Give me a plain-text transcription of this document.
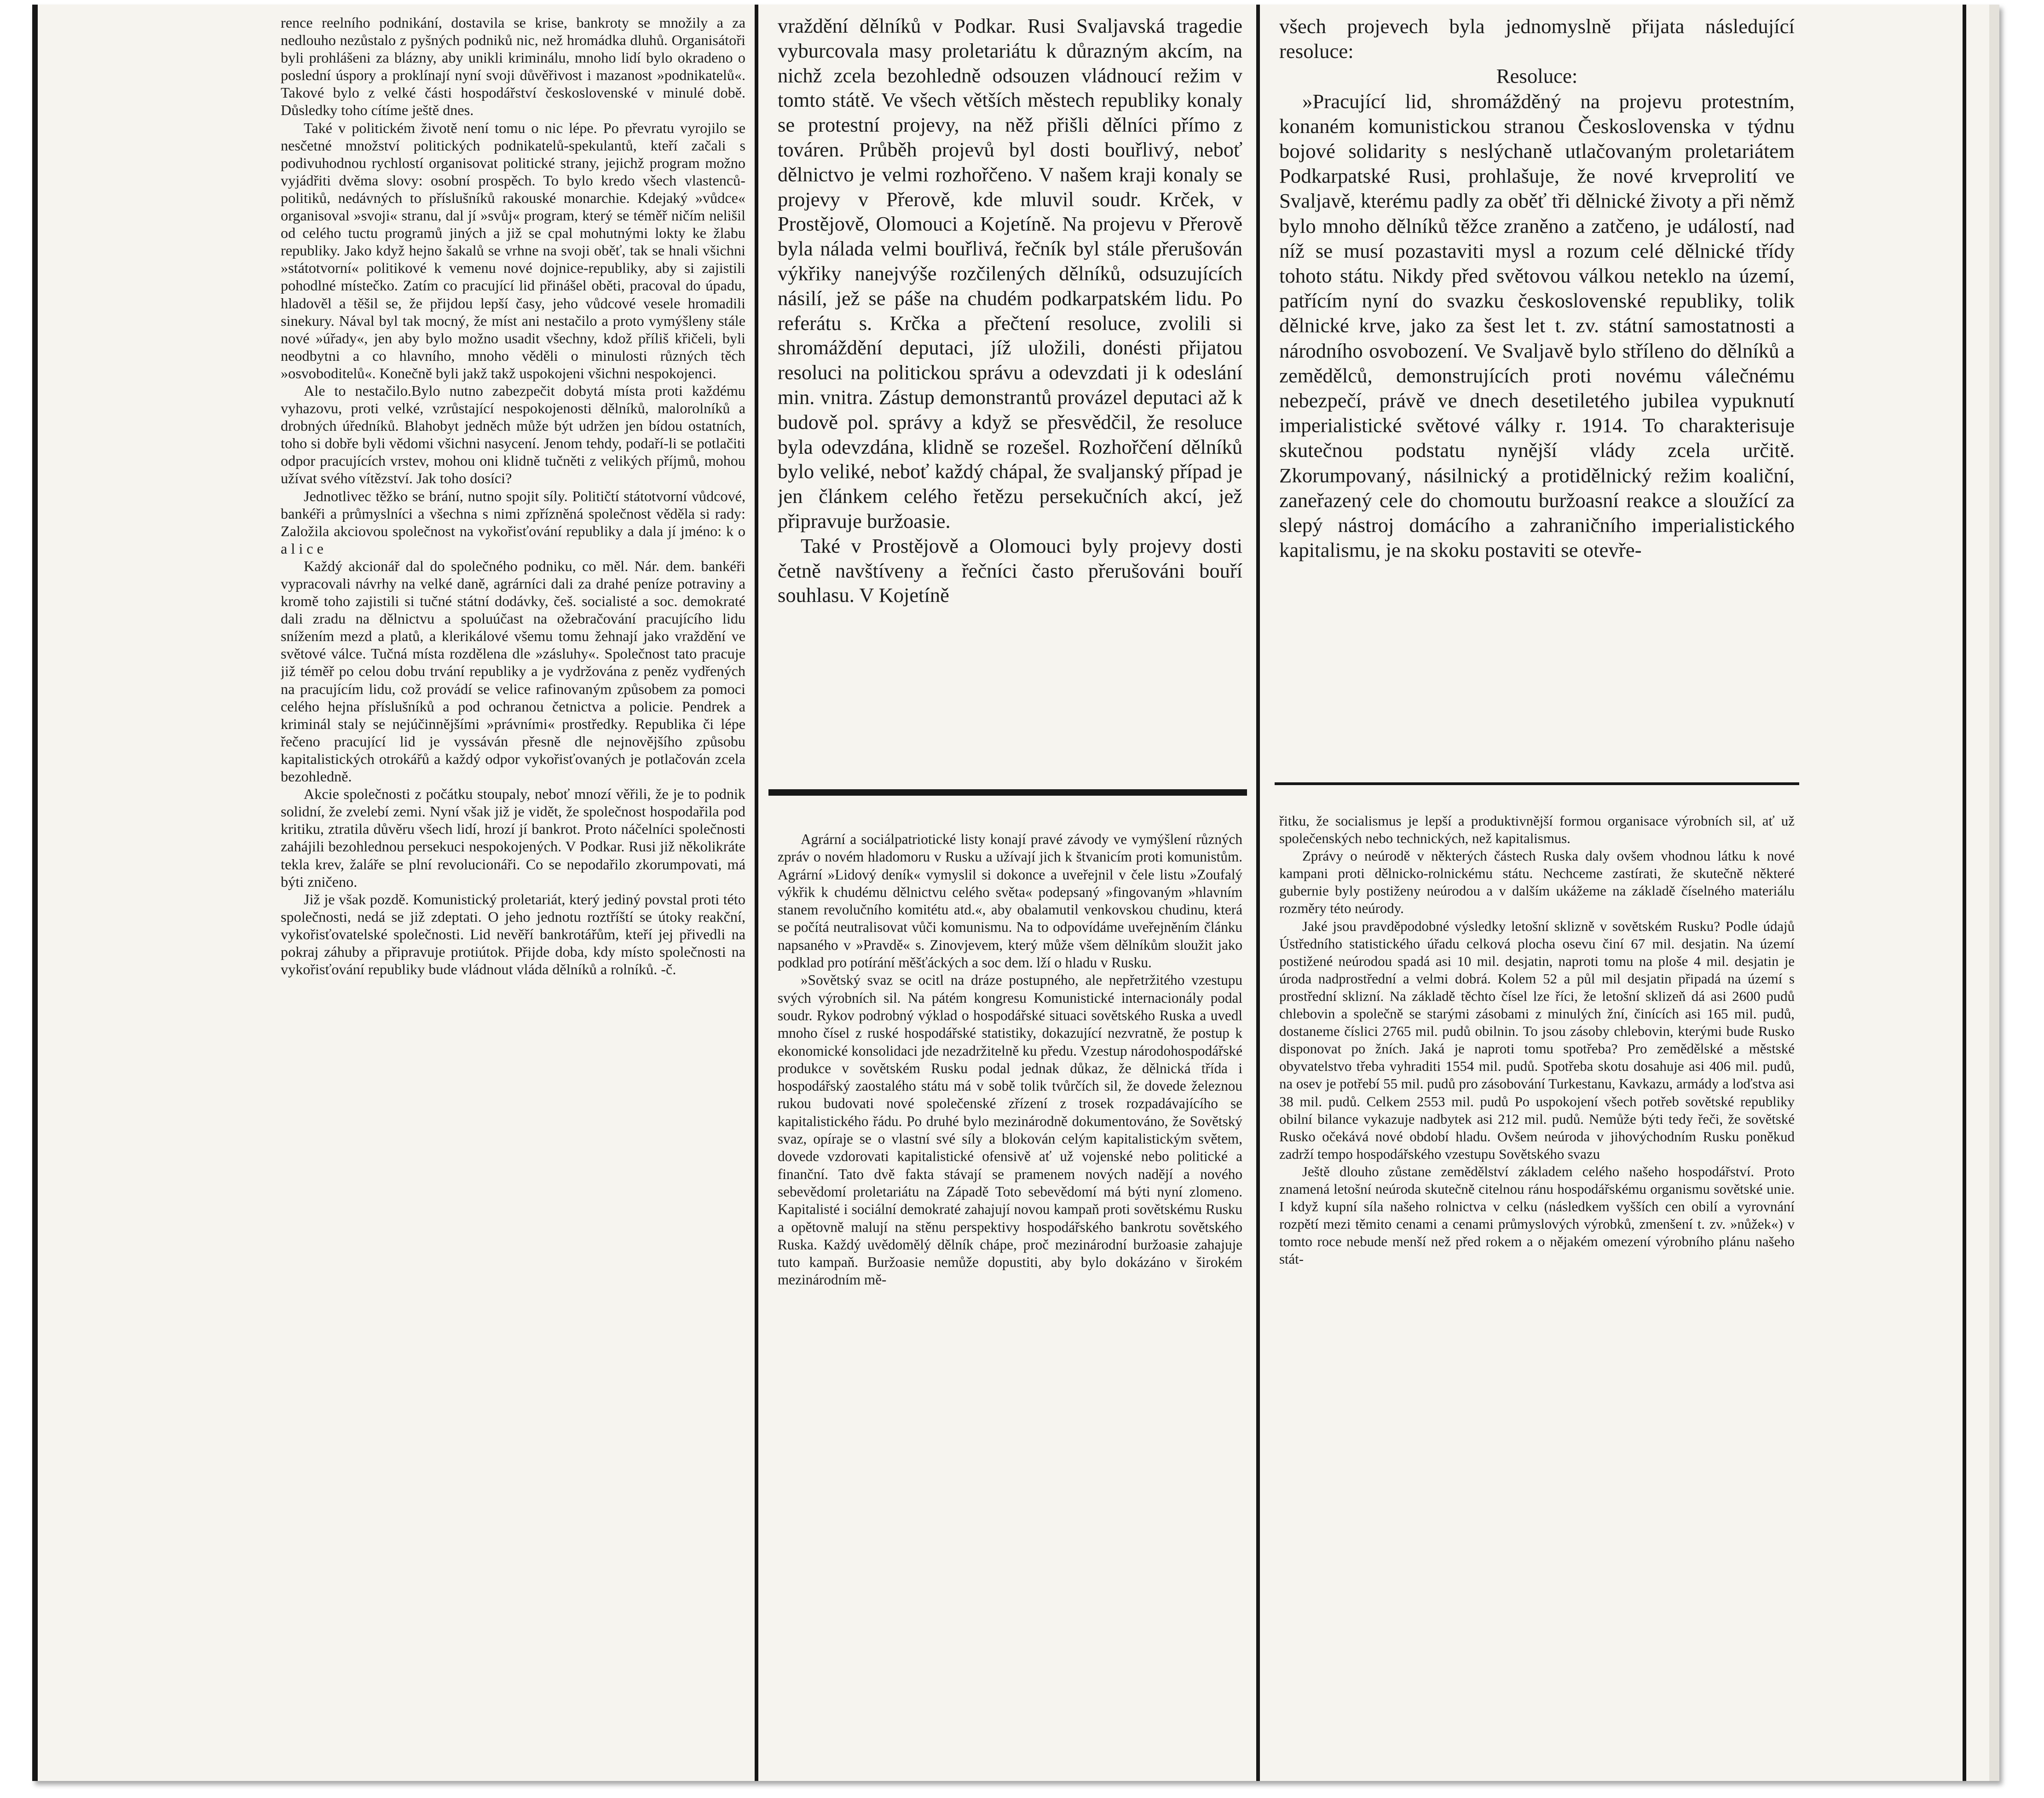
rence reelního podnikání, dostavila se krise, bankroty se množily a za nedlouho nezůstalo z pyšných podniků nic, než hromádka dluhů. Organisátoři byli prohlášeni za blázny, aby unikli kriminálu, mnoho lidí bylo okradeno o poslední úspory a proklínají nyní svoji důvěřivost i mazanost »podnikatelů«. Takové bylo z velké části hospodářství československé v minulé době. Důsledky toho cítíme ještě dnes.

Také v politickém životě není tomu o nic lépe. Po převratu vyrojilo se nesčetné množství politických podnikatelů-spekulantů, kteří začali s podivuhodnou rychlostí organisovat politické strany, jejichž program možno vyjádřiti dvěma slovy: osobní prospěch. To bylo kredo všech vlastenců-politiků, nedávných to příslušníků rakouské monarchie. Kdejaký »vůdce« organisoval »svoji« stranu, dal jí »svůj« program, který se téměř ničím nelišil od celého tuctu programů jiných a již se cpal mohutnými lokty ke žlabu republiky. Jako když hejno šakalů se vrhne na svoji oběť, tak se hnali všichni »státotvorní« politikové k vemenu nové dojnice-republiky, aby si zajistili pohodlné místečko. Zatím co pracující lid přinášel oběti, pracoval do úpadu, hladověl a těšil se, že přijdou lepší časy, jeho vůdcové vesele hromadili sinekury. Nával byl tak mocný, že míst ani nestačilo a proto vymýšleny stále nové »úřady«, jen aby bylo možno usadit všechny, kdož příliš křičeli, byli neodbytni a co hlavního, mnoho věděli o minulosti různých těch »osvoboditelů«. Konečně byli jakž takž uspokojeni všichni nespokojenci.

Ale to nestačilo.Bylo nutno zabezpečit dobytá místa proti každému vyhazovu, proti velké, vzrůstající nespokojenosti dělníků, malorolníků a drobných úředníků. Blahobyt jedněch může být udržen jen bídou ostatních, toho si dobře byli vědomi všichni nasycení. Jenom tehdy, podaří-li se potlačiti odpor pracujících vrstev, mohou oni klidně tučněti z velikých příjmů, mohou užívat svého vítězství. Jak toho dosíci?

Jednotlivec těžko se brání, nutno spojit síly. Političtí státotvorní vůdcové, bankéři a průmyslníci a všechna s nimi zpřízněná společnost věděla si rady: Založila akciovou společnost na vykořisťování republiky a dala jí jméno: k o a l i c e

Každý akcionář dal do společného podniku, co měl. Nár. dem. bankéři vypracovali návrhy na velké daně, agrárníci dali za drahé peníze potraviny a kromě toho zajistili si tučné státní dodávky, češ. socialisté a soc. demokraté dali zradu na dělnictvu a spoluúčast na ožebračování pracujícího lidu snížením mezd a platů, a klerikálové všemu tomu žehnají jako vraždění ve světové válce. Tučná místa rozdělena dle »zásluhy«. Společnost tato pracuje již téměř po celou dobu trvání republiky a je vydržována z peněz vydřených na pracujícím lidu, což provádí se velice rafinovaným způsobem za pomoci celého hejna příslušníků a pod ochranou četnictva a policie. Pendrek a kriminál staly se nejúčinnějšími »právními« prostředky. Republika či lépe řečeno pracující lid je vyssáván přesně dle nejnovějšího způsobu kapitalistických otrokářů a každý odpor vykořisťovaných je potlačován zcela bezohledně.

Akcie společnosti z počátku stoupaly, neboť mnozí věřili, že je to podnik solidní, že zvelebí zemi. Nyní však již je vidět, že společnost hospodařila pod kritiku, ztratila důvěru všech lidí, hrozí jí bankrot. Proto náčelníci společnosti zahájili bezohlednou persekuci nespokojených. V Podkar. Rusi již několikráte tekla krev, žaláře se plní revolucionáři. Co se nepodařilo zkorumpovati, má býti zničeno.

Již je však pozdě. Komunistický proletariát, který jediný povstal proti této společnosti, nedá se již zdeptati. O jeho jednotu roztříští se útoky reakční, vykořisťovatelské společnosti. Lid nevěří bankrotářům, kteří jej přivedli na pokraj záhuby a připravuje protiútok. Přijde doba, kdy místo společnosti na vykořisťování republiky bude vládnout vláda dělníků a rolníků. -č.

vraždění dělníků v Podkar. Rusi Svaljavská tragedie vyburcovala masy proletariátu k důrazným akcím, na nichž zcela bezohledně odsouzen vládnoucí režim v tomto státě. Ve všech větších městech republiky konaly se protestní projevy, na něž přišli dělníci přímo z továren. Průběh projevů byl dosti bouřlivý, neboť dělnictvo je velmi rozhořčeno. V našem kraji konaly se projevy v Přerově, kde mluvil soudr. Krček, v Prostějově, Olomouci a Kojetíně. Na projevu v Přerově byla nálada velmi bouřlivá, řečník byl stále přerušován výkřiky nanejvýše rozčilených dělníků, odsuzujících násilí, jež se páše na chudém podkarpatském lidu. Po referátu s. Krčka a přečtení resoluce, zvolili si shromáždění deputaci, jíž uložili, donésti přijatou resoluci na politickou správu a odevzdati ji k odeslání min. vnitra. Zástup demonstrantů provázel deputaci až k budově pol. správy a když se přesvědčil, že resoluce byla odevzdána, klidně se rozešel. Rozhořčení dělníků bylo veliké, neboť každý chápal, že svaljanský případ je jen článkem celého řetězu persekučních akcí, jež připravuje buržoasie.

Také v Prostějově a Olomouci byly projevy dosti četně navštíveny a řečníci často přerušováni bouří souhlasu. V Kojetíně

Agrární a sociálpatriotické listy konají pravé závody ve vymýšlení různých zpráv o novém hladomoru v Rusku a užívají jich k štvanicím proti komunistům. Agrární »Lidový deník« vymyslil si dokonce a uveřejnil v čele listu »Zoufalý výkřik k chudému dělnictvu celého světa« podepsaný »fingovaným »hlavním stanem revolučního komitétu atd.«, aby obalamutil venkovskou chudinu, která se počítá neutralisovat vůči komunismu. Na to odpovídáme uveřejněním článku napsaného v »Pravdě« s. Zinovjevem, který může všem dělníkům sloužit jako podklad pro potírání měšťáckých a soc dem. lží o hladu v Rusku.

»Sovětský svaz se ocitl na dráze postupného, ale nepřetržitého vzestupu svých výrobních sil. Na pátém kongresu Komunistické internacionály podal soudr. Rykov podrobný výklad o hospodářské situaci sovětského Ruska a uvedl mnoho čísel z ruské hospodářské statistiky, dokazující nezvratně, že postup k ekonomické konsolidaci jde nezadržitelně ku předu. Vzestup národohospodářské produkce v sovětském Rusku podal jednak důkaz, že dělnická třída i hospodářský zaostalého státu má v sobě tolik tvůrčích sil, že dovede železnou rukou budovati nové společenské zřízení z trosek rozpadávajícího se kapitalistického řádu. Po druhé bylo mezinárodně dokumentováno, že Sovětský svaz, opíraje se o vlastní své síly a blokován celým kapitalistickým světem, dovede vzdorovati kapitalistické ofensivě ať už vojenské nebo politické a finanční. Tato dvě fakta stávají se pramenem nových nadějí a nového sebevědomí proletariátu na Západě Toto sebevědomí má býti nyní zlomeno. Kapitalisté i sociální demokraté zahajují novou kampaň proti sovětskému Rusku a opětovně malují na stěnu perspektivy hospodářského bankrotu sovětského Ruska. Každý uvědomělý dělník chápe, proč mezinárodní buržoasie zahajuje tuto kampaň. Buržoasie nemůže dopustiti, aby bylo dokázáno v širokém mezinárodním mě-

všech projevech byla jednomyslně přijata následující resoluce:

Resoluce:

»Pracující lid, shromážděný na projevu protestním, konaném komunistickou stranou Československa v týdnu bojové solidarity s neslýchaně utlačovaným proletariátem Podkarpatské Rusi, prohlašuje, že nové krveprolití ve Svaljavě, kterému padly za oběť tři dělnické životy a při němž bylo mnoho dělníků těžce zraněno a zatčeno, je událostí, nad níž se musí pozastaviti mysl a rozum celé dělnické třídy tohoto státu. Nikdy před světovou válkou neteklo na území, patřícím nyní do svazku československé republiky, tolik dělnické krve, jako za šest let t. zv. státní samostatnosti a národního osvobození. Ve Svaljavě bylo stříleno do dělníků a zemědělců, demonstrujících proti novému válečnému nebezpečí, právě ve dnech desetiletého jubilea vypuknutí imperialistické světové války r. 1914. To charakterisuje skutečnou podstatu nynější vlády zcela určitě. Zkorumpovaný, násilnický a protidělnický režim koaliční, zaneřazený cele do chomoutu buržoasní reakce a sloužící za slepý nástroj domácího a zahraničního imperialistického kapitalismu, je na skoku postaviti se otevře-

řitku, že socialismus je lepší a produktivnější formou organisace výrobních sil, ať už společenských nebo technických, než kapitalismus.

Zprávy o neúrodě v některých částech Ruska daly ovšem vhodnou látku k nové kampani proti dělnicko-rolnickému státu. Nechceme zastírati, že skutečně některé gubernie byly postiženy neúrodou a v dalším ukážeme na základě číselného materiálu rozměry této neúrody.

Jaké jsou pravděpodobné výsledky letošní sklizně v sovětském Rusku? Podle údajů Ústředního statistického úřadu celková plocha osevu činí 67 mil. desjatin. Na území postižené neúrodou spadá asi 10 mil. desjatin, naproti tomu na ploše 4 mil. desjatin je úroda nadprostřední a velmi dobrá. Kolem 52 a půl mil desjatin připadá na území s prostřední sklizní. Na základě těchto čísel lze říci, že letošní sklizeň dá asi 2600 pudů chlebovin a společně se starými zásobami z minulých žní, činících asi 165 mil. pudů, dostaneme číslici 2765 mil. pudů obilnin. To jsou zásoby chlebovin, kterými bude Rusko disponovat po žních. Jaká je naproti tomu spotřeba? Pro zemědělské a městské obyvatelstvo třeba vyhraditi 1554 mil. pudů. Spotřeba skotu dosahuje asi 406 mil. pudů, na osev je potřebí 55 mil. pudů pro zásobování Turkestanu, Kavkazu, armády a loďstva asi 38 mil. pudů. Celkem 2553 mil. pudů Po uspokojení všech potřeb sovětské republiky obilní bilance vykazuje nadbytek asi 212 mil. pudů. Nemůže býti tedy řeči, že sovětské Rusko očekává nové období hladu. Ovšem neúroda v jihovýchodním Rusku poněkud zadrží tempo hospodářského vzestupu Sovětského svazu

Ještě dlouho zůstane zemědělství základem celého našeho hospodářství. Proto znamená letošní neúroda skutečně citelnou ránu hospodářskému organismu sovětské unie. I když kupní síla našeho rolnictva v celku (následkem vyšších cen obilí a vyrovnání rozpětí mezi těmito cenami a cenami průmyslových výrobků, zmenšení t. zv. »nůžek«) v tomto roce nebude menší než před rokem a o nějakém omezení výrobního plánu našeho stát-
